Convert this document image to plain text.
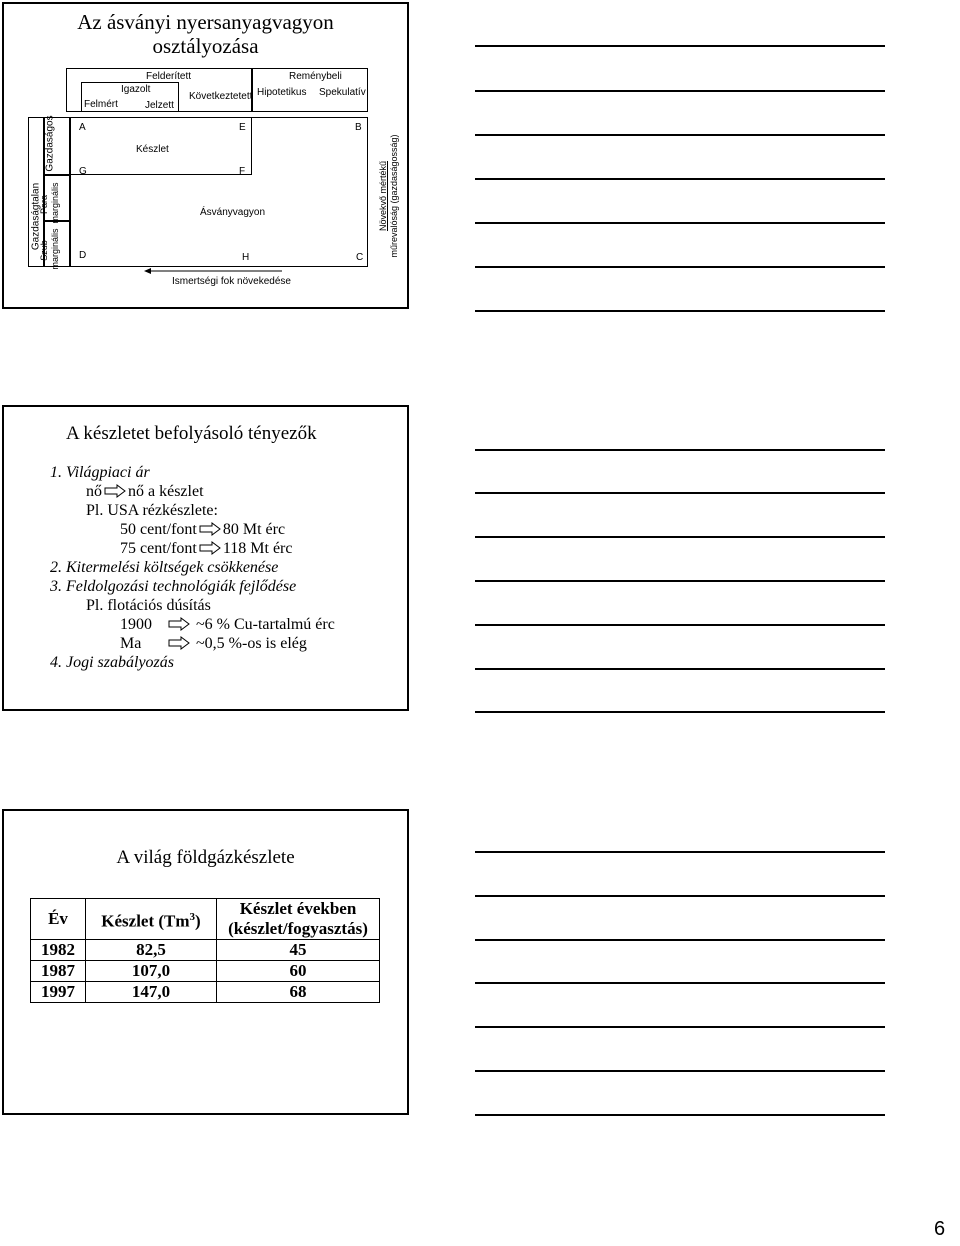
Az ásványi nyersanyagvagyon
osztályozása
Felderített
Igazolt
Felmért	Jelzett
Következtetett
Reménybeli
Hipotetikus Spekulatív
Gazdaságtalan
Gazdaságos
Para- marginális
Szub- marginális
A	E	B
G	F
D	H	C
Készlet
Ásványvagyon	Növekvő mértékű műrevalóság (gazdaságosság)
Ismertségi fok növekedése
A készletet befolyásoló tényezők
1. Világpiaci ár
nő nő a készlet
Pl. USA rézkészlete:
50 cent/font 80 Mt érc
75 cent/font 118 Mt érc
2. Kitermelési költségek csökkenése
3. Feldolgozási technológiák fejlődése
Pl. flotációs dúsítás
1900	~6 % Cu-tartalmú érc
Ma	~0,5 %-os is elég
4. Jogi szabályozás
A világ földgázkészlete
Év	Készlet (Tm$^3$)	Készlet években
(készlet/fogyasztás)

1982	82,5	45
1987	107,0	60
1997	147,0	68
6
